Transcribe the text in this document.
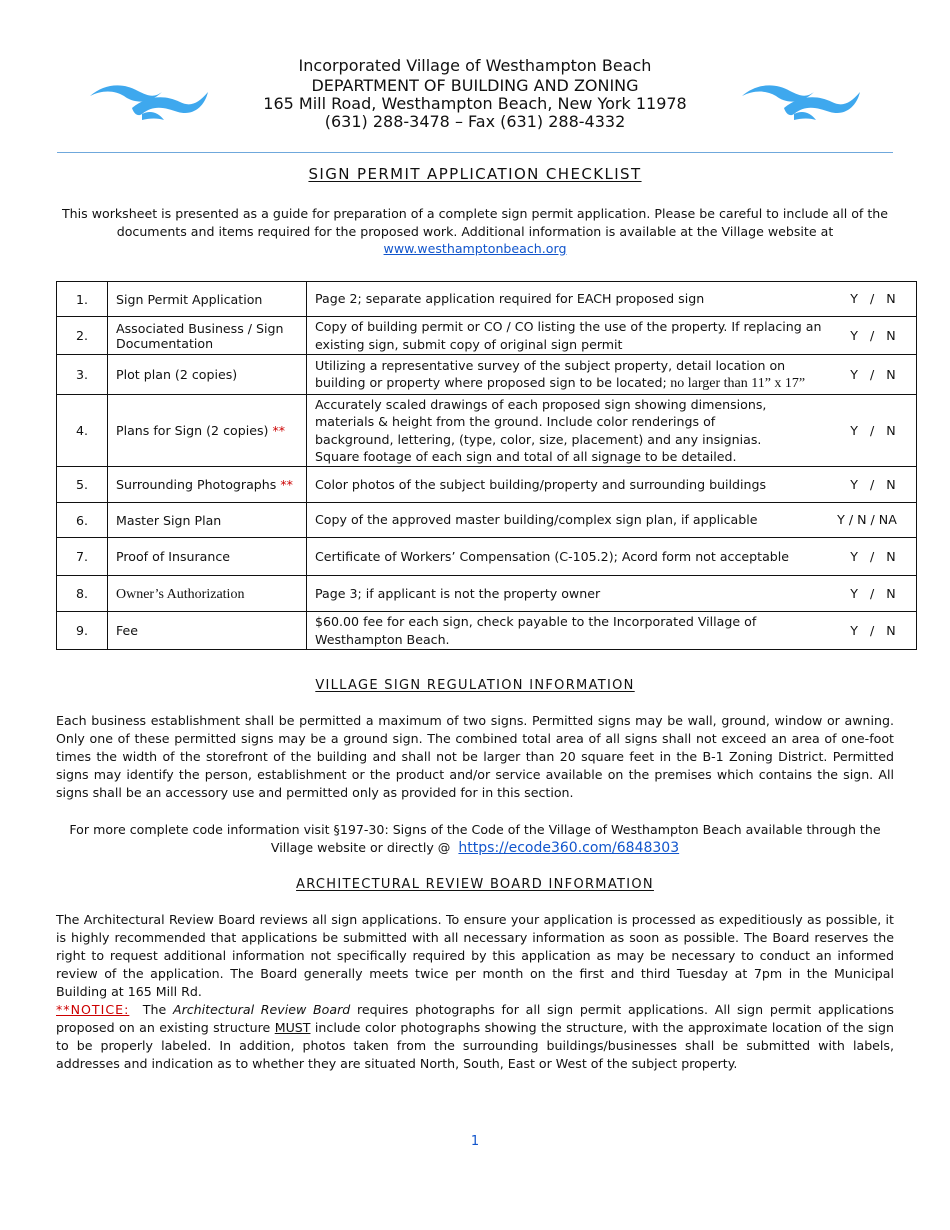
Incorporated Village of Westhampton Beach
DEPARTMENT OF BUILDING AND ZONING
165 Mill Road, Westhampton Beach, New York 11978
(631) 288-3478 – Fax (631) 288-4332
SIGN PERMIT APPLICATION CHECKLIST
This worksheet is presented as a guide for preparation of a complete sign permit application. Please be careful to include all of the documents and items required for the proposed work. Additional information is available at the Village website at
www.westhamptonbeach.org
1.	Sign Permit Application	Page 2; separate application required for EACH proposed sign Y   /   N

2.	Associated Business / Sign Documentation	Copy of building permit or CO / CO listing the use of the property. If replacing an existing sign, submit copy of original sign permit
Y   /   N

3.	Plot plan (2 copies)	Utilizing a representative survey of the subject property, detail location on building or property where proposed sign to be located; no larger than 11” x 17”
Y   /   N

4.	Plans for Sign (2 copies) **	Accurately scaled drawings of each proposed sign showing dimensions, materials & height from the ground. Include color renderings of background, lettering, (type, color, size, placement) and any insignias. Square footage of each sign and total of all signage to be detailed.
Y   /   N

5.	Surrounding Photographs **	Color photos of the subject building/property and surrounding buildings Y   /   N

6.	Master Sign Plan	Copy of the approved master building/complex sign plan, if applicable Y / N / NA

7.	Proof of Insurance	Certificate of Workers’ Compensation (C-105.2); Acord form not acceptable Y   /   N

8.	Owner’s Authorization	Page 3; if applicant is not the property owner Y   /   N

9.	Fee	$60.00 fee for each sign, check payable to the Incorporated Village of Westhampton Beach.
Y   /   N
VILLAGE SIGN REGULATION INFORMATION
Each business establishment shall be permitted a maximum of two signs. Permitted signs may be wall, ground, window or awning. Only one of these permitted signs may be a ground sign. The combined total area of all signs shall not exceed an area of one-foot times the width of the storefront of the building and shall not be larger than 20 square feet in the B-1 Zoning District. Permitted signs may identify the person, establishment or the product and/or service available on the premises which contains the sign. All signs shall be an accessory use and permitted only as provided for in this section.
For more complete code information visit §197-30: Signs of the Code of the Village of Westhampton Beach available through the Village website or directly @ https://ecode360.com/6848303
ARCHITECTURAL REVIEW BOARD INFORMATION
The Architectural Review Board reviews all sign applications. To ensure your application is processed as expeditiously as possible, it is highly recommended that applications be submitted with all necessary information as soon as possible. The Board reserves the right to request additional information not specifically required by this application as may be necessary to conduct an informed review of the application. The Board generally meets twice per month on the first and third Tuesday at 7pm in the Municipal Building at 165 Mill Rd.
**NOTICE:  The Architectural Review Board requires photographs for all sign permit applications. All sign permit applications proposed on an existing structure MUST include color photographs showing the structure, with the approximate location of the sign to be properly labeled. In addition, photos taken from the surrounding buildings/businesses shall be submitted with labels, addresses and indication as to whether they are situated North, South, East or West of the subject property.
1
